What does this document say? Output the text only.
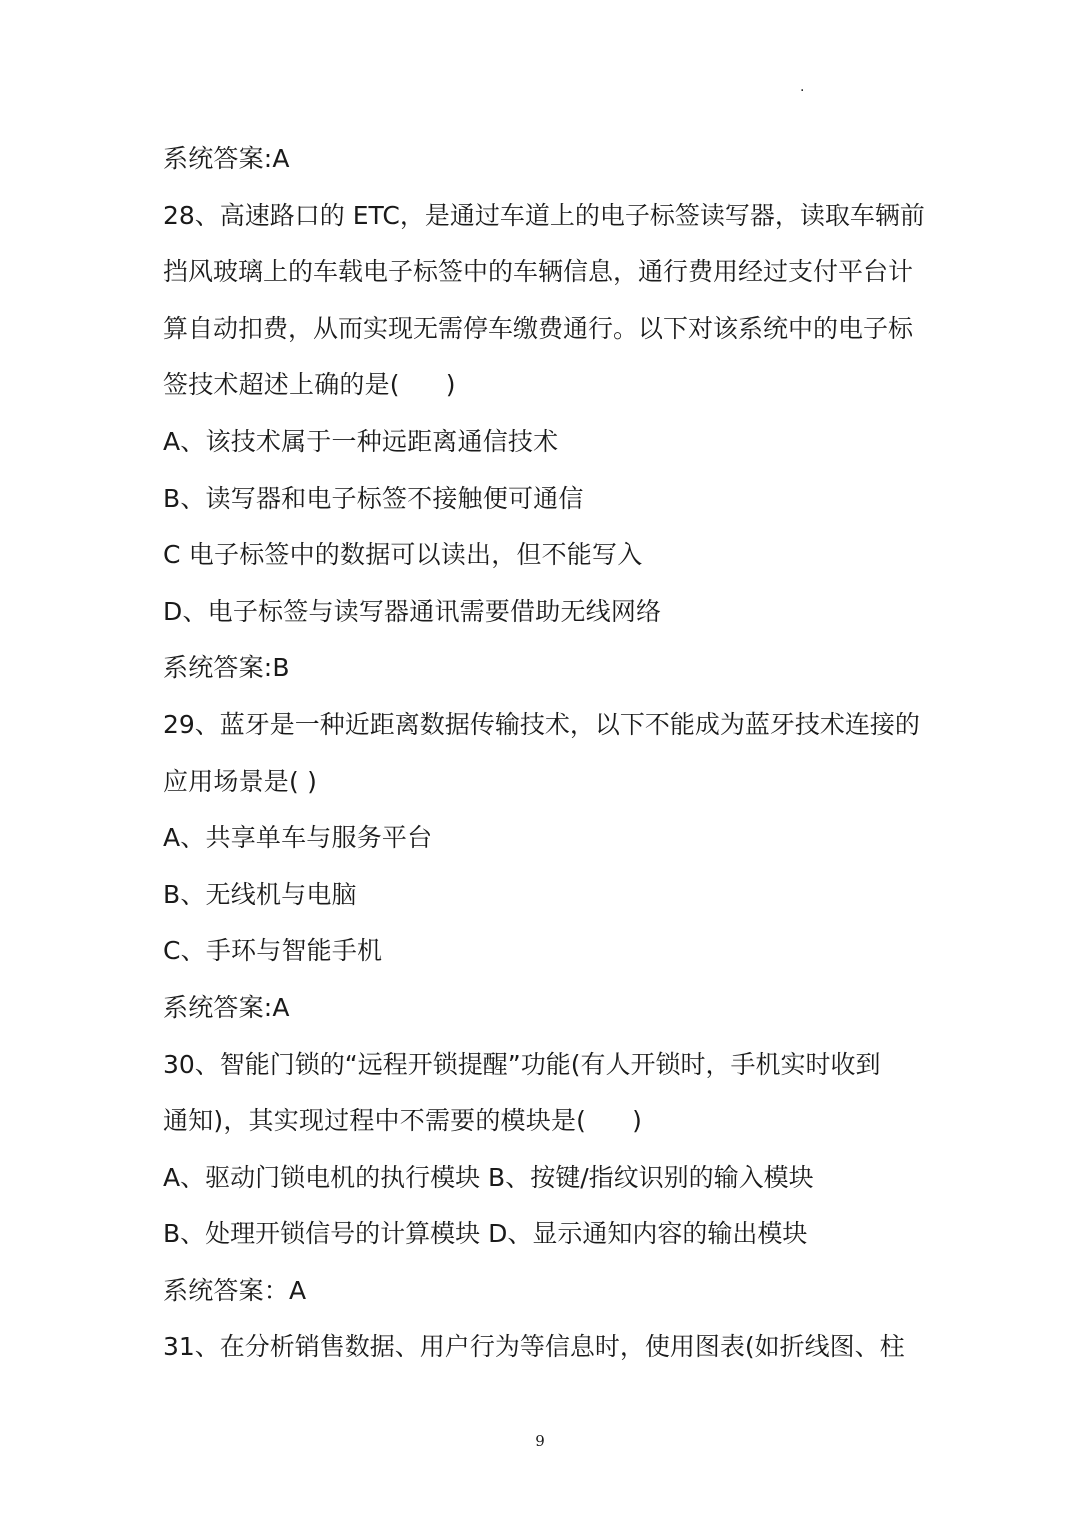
·
系统答案:A
28、高速路口的 ETC，是通过车道上的电子标签读写器，读取车辆前
挡风玻璃上的车载电子标签中的车辆信息，通行费用经过支付平台计
算自动扣费，从而实现无需停车缴费通行。以下对该系统中的电子标
签技术超述上确的是( )
A、该技术属于一种远距离通信技术
B、读写器和电子标签不接触便可通信
C 电子标签中的数据可以读出，但不能写入
D、电子标签与读写器通讯需要借助无线网络
系统答案:B
29、蓝牙是一种近距离数据传输技术，以下不能成为蓝牙技术连接的
应用场景是( )
A、共享单车与服务平台
B、无线机与电脑
C、手环与智能手机
系统答案:A
30、智能门锁的“远程开锁提醒”功能(有人开锁时，手机实时收到
通知)，其实现过程中不需要的模块是( )
A、驱动门锁电机的执行模块 B、按键/指纹识别的输入模块
B、处理开锁信号的计算模块 D、显示通知内容的输出模块
系统答案：A
31、在分析销售数据、用户行为等信息时，使用图表(如折线图、柱
9
